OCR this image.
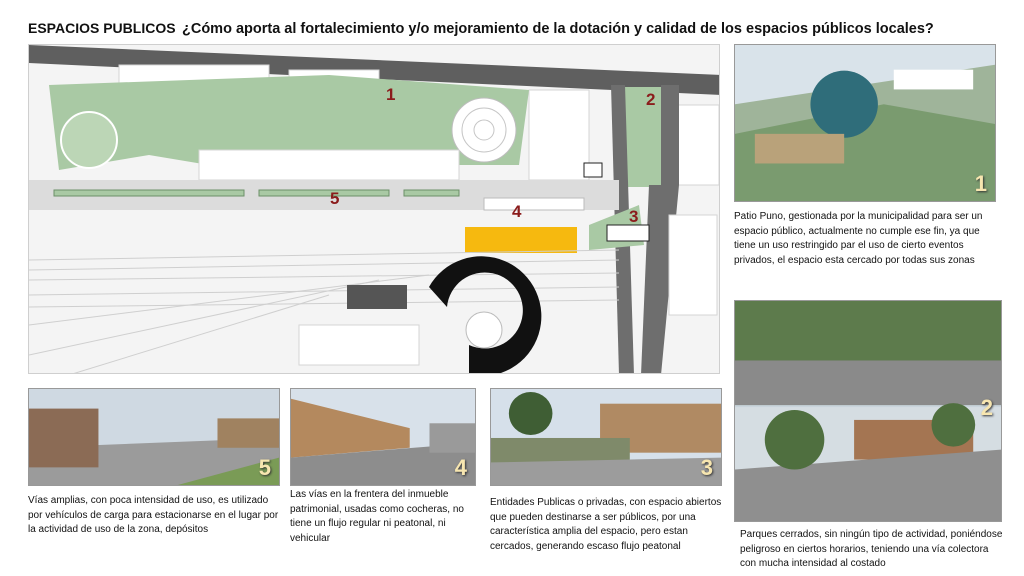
ESPACIOS PUBLICOS ¿Cómo aporta al fortalecimiento y/o mejoramiento de la dotación y calidad de los espacios públicos locales?
1	2
3
4
5
1
Patio Puno, gestionada por la municipalidad para ser un espacio público, actualmente no cumple ese fin, ya que tiene un uso restringido par el uso de cierto eventos privados, el espacio esta cercado por todas sus zonas
2
Parques cerrados, sin ningún tipo de actividad, poniéndose peligroso en ciertos horarios, teniendo una vía colectora con mucha intensidad al costado
5
Vías amplias, con poca intensidad de uso, es utilizado por vehículos de carga para estacionarse en el lugar por la actividad de uso de la zona, depósitos
4
Las vías en la frentera del inmueble patrimonial, usadas como cocheras, no tiene un flujo regular ni peatonal, ni vehicular
3
Entidades Publicas o privadas, con espacio abiertos que pueden destinarse a ser públicos, por una característica amplia del espacio, pero estan cercados, generando escaso flujo peatonal
